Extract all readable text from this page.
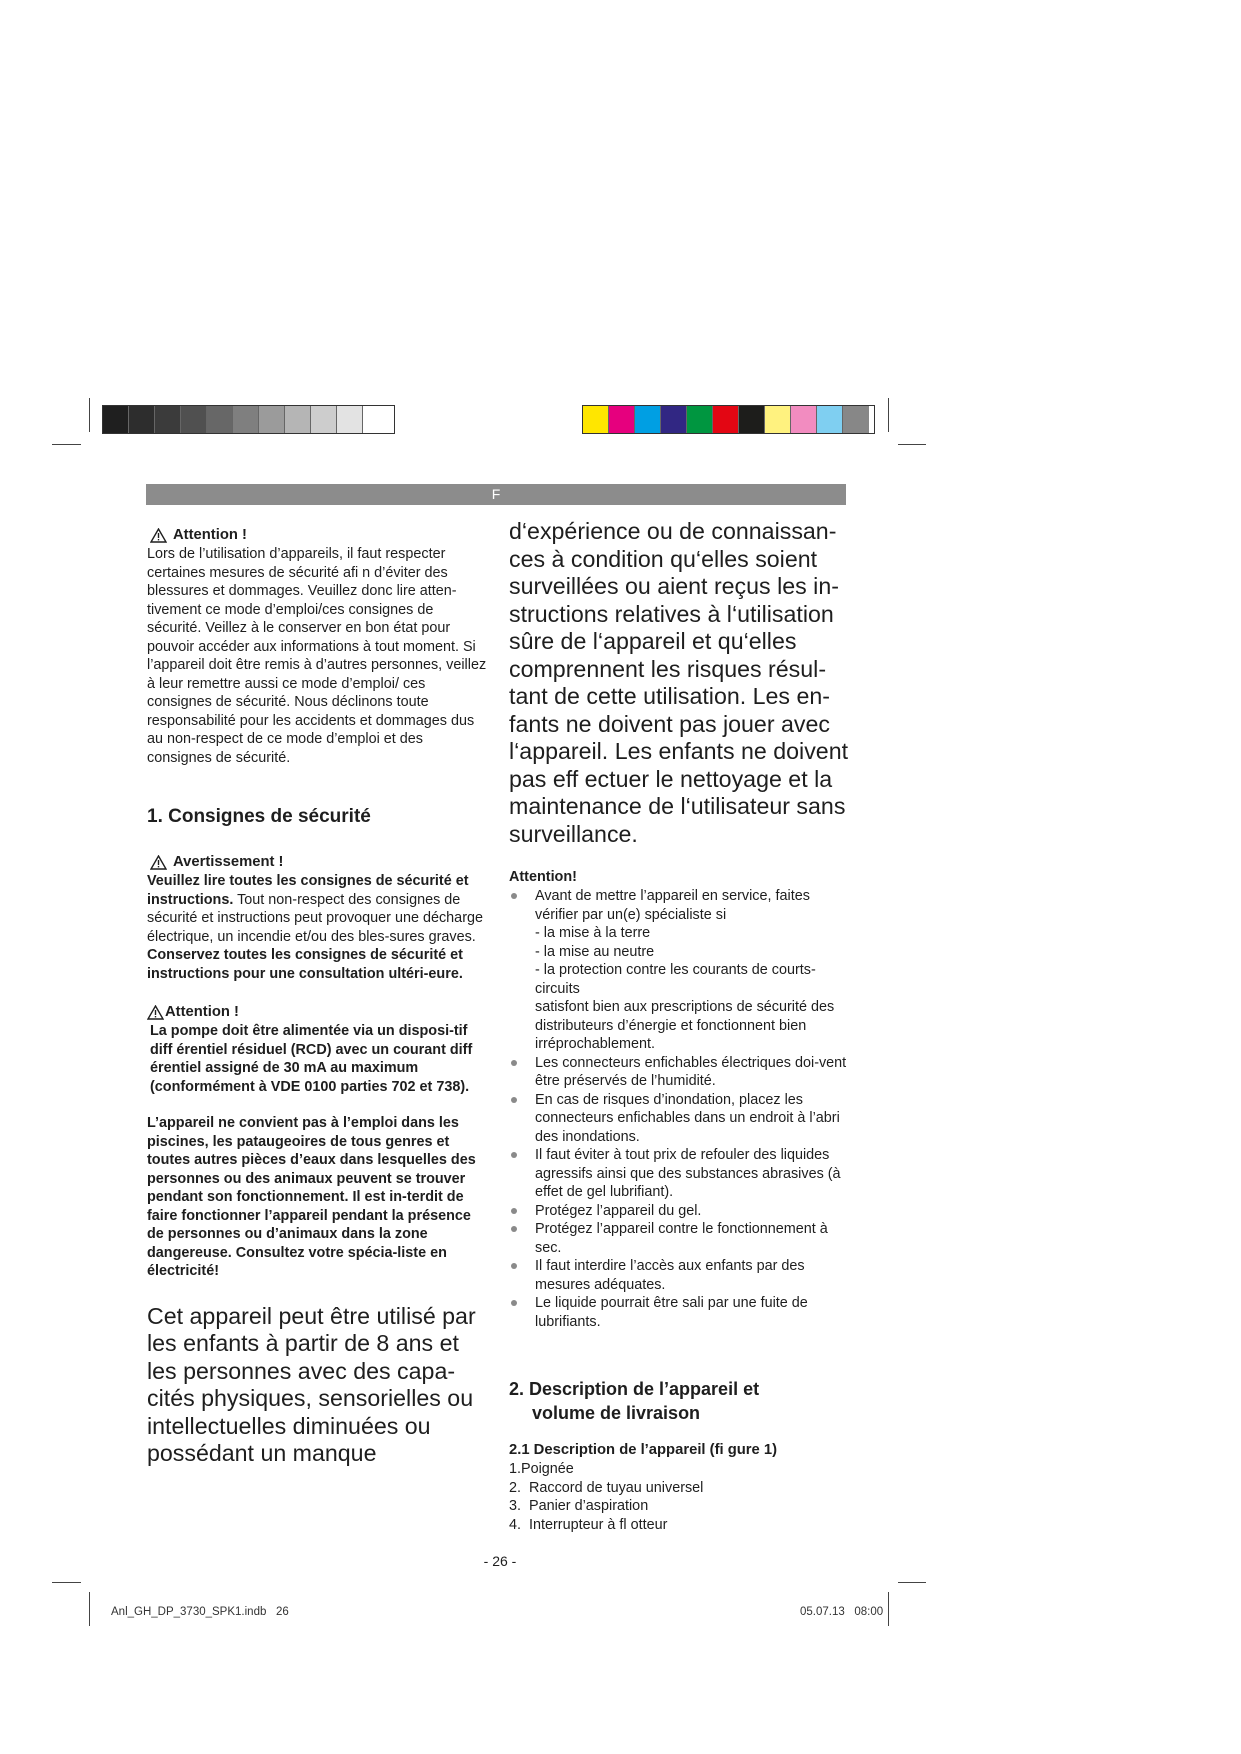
F
Attention !

Lors de l’utilisation d’appareils, il faut respecter certaines mesures de sécurité afi n d’éviter des blessures et dommages. Veuillez donc lire atten-tivement ce mode d’emploi/ces consignes de sécurité. Veillez à le conserver en bon état pour pouvoir accéder aux informations à tout moment. Si l’appareil doit être remis à d’autres personnes, veillez à leur remettre aussi ce mode d’emploi/ ces consignes de sécurité. Nous déclinons toute responsabilité pour les accidents et dommages dus au non-respect de ce mode d’emploi et des consignes de sécurité.

1. Consignes de sécurité

Avertissement !

Veuillez lire toutes les consignes de sécurité et instructions. Tout non-respect des consignes de sécurité et instructions peut provoquer une décharge électrique, un incendie et/ou des bles-sures graves.

Conservez toutes les consignes de sécurité et instructions pour une consultation ultéri-eure.

Attention !

La pompe doit être alimentée via un disposi-tif diff érentiel résiduel (RCD) avec un courant diff érentiel assigné de 30 mA au maximum (conformément à VDE 0100 parties 702 et 738).

L’appareil ne convient pas à l’emploi dans les piscines, les pataugeoires de tous genres et toutes autres pièces d’eaux dans lesquelles des personnes ou des animaux peuvent se trouver pendant son fonctionnement. Il est in-terdit de faire fonctionner l’appareil pendant la présence de personnes ou d’animaux dans la zone dangereuse. Consultez votre spécia-liste en électricité!

Cet appareil peut être utilisé par les enfants à partir de 8 ans et les personnes avec des capa-cités physiques, sensorielles ou intellectuelles diminuées ou possédant un manque

d‘expérience ou de connaissan-ces à condition qu‘elles soient surveillées ou aient reçus les in-structions relatives à l‘utilisation sûre de l‘appareil et qu‘elles comprennent les risques résul-tant de cette utilisation. Les en-fants ne doivent pas jouer avec l‘appareil. Les enfants ne doivent pas eff ectuer le nettoyage et la maintenance de l‘utilisateur sans surveillance.

Attention!

Avant de mettre l’appareil en service, faites vérifier par un(e) spécialiste si
- la mise à la terre
- la mise au neutre
- la protection contre les courants de courts-circuits
satisfont bien aux prescriptions de sécurité des distributeurs d’énergie et fonctionnent bien irréprochablement.
Les connecteurs enfichables électriques doi-vent être préservés de l’humidité.
En cas de risques d’inondation, placez les connecteurs enfichables dans un endroit à l’abri des inondations.
Il faut éviter à tout prix de refouler des liquides agressifs ainsi que des substances abrasives (à effet de gel lubrifiant).
Protégez l’appareil du gel.
Protégez l’appareil contre le fonctionnement à sec.
Il faut interdire l’accès aux enfants par des mesures adéquates.
Le liquide pourrait être sali par une fuite de lubrifiants.

2. Description de l’appareil et
volume de livraison

2.1 Description de l’appareil (fi gure 1)

1.Poignée

2.  Raccord de tuyau universel

3.  Panier d’aspiration

4.  Interrupteur à fl otteur

- 26 -
Anl_GH_DP_3730_SPK1.indb   26	05.07.13   08:00
